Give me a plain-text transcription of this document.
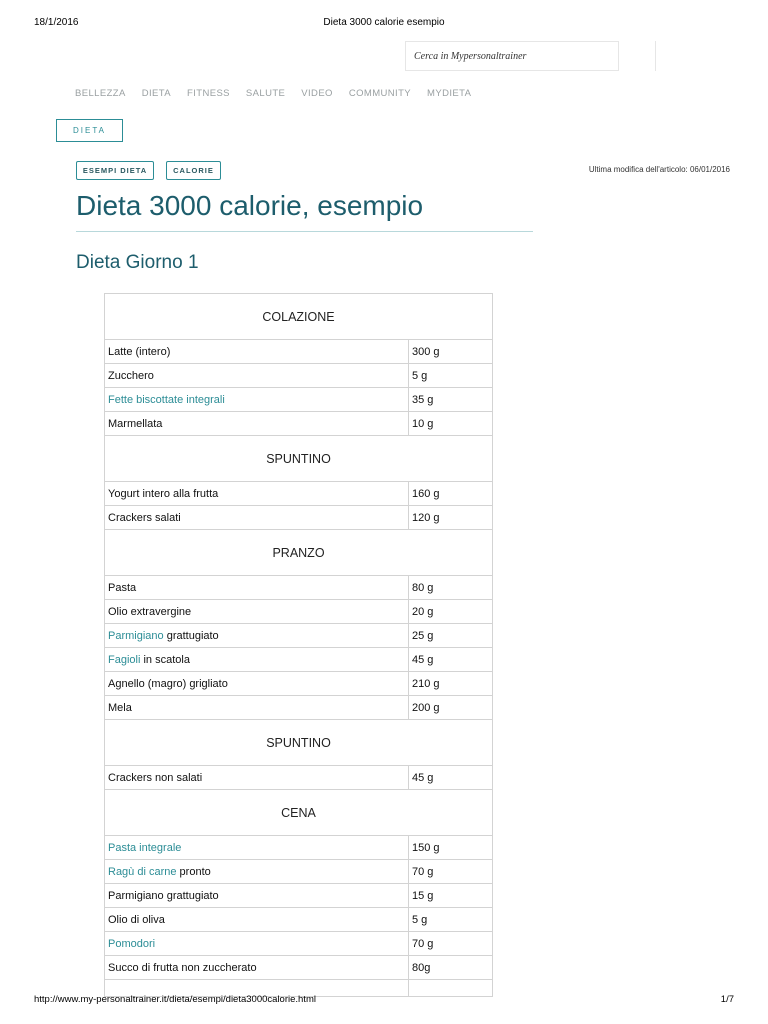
18/1/2016	Dieta 3000 calorie esempio
Cerca in Mypersonaltrainer
BELLEZZA DIETA FITNESS SALUTE VIDEO COMMUNITY MYDIETA
DIETA
ESEMPI DIETA	CALORIE	Ultima modifica dell'articolo: 06/01/2016
Dieta 3000 calorie, esempio
Dieta Giorno 1
COLAZIONE	
Latte (intero)	300 g
Zucchero	5 g
Fette biscottate integrali	35 g
Marmellata	10 g
SPUNTINO	
Yogurt intero alla frutta	160 g
Crackers salati	120 g
PRANZO	
Pasta	80 g
Olio extravergine	20 g
Parmigiano grattugiato	25 g
Fagioli in scatola	45 g
Agnello (magro) grigliato	210 g
Mela	200 g
SPUNTINO	
Crackers non salati	45 g
CENA	
Pasta integrale	150 g
Ragù di carne pronto	70 g
Parmigiano grattugiato	15 g
Olio di oliva	5 g
Pomodori	70 g
Succo di frutta non zuccherato	80g

http://www.my-personaltrainer.it/dieta/esempi/dieta3000calorie.html	1/7
